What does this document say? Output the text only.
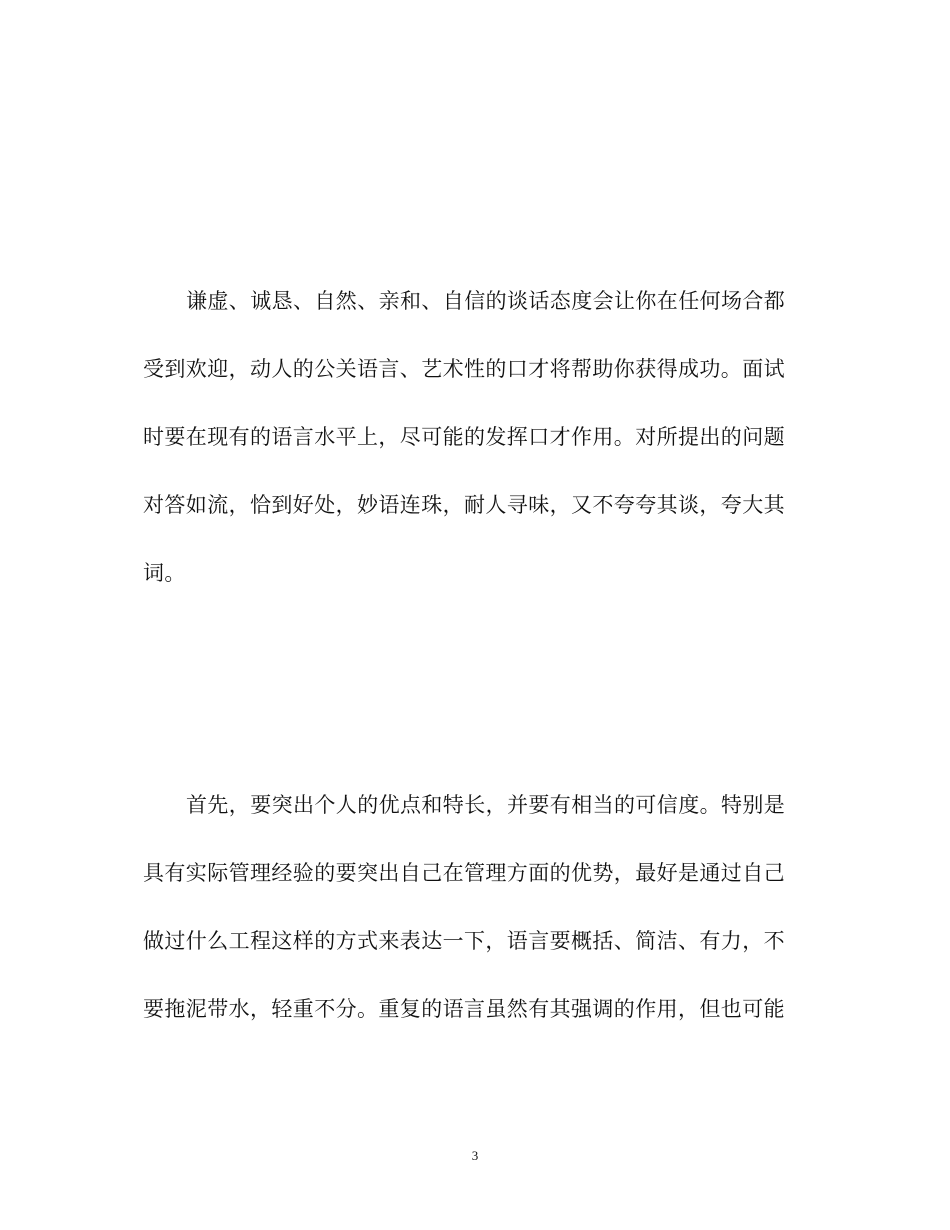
谦虚、诚恳、自然、亲和、自信的谈话态度会让你在任何场合都
受到欢迎，动人的公关语言、艺术性的口才将帮助你获得成功。面试
时要在现有的语言水平上，尽可能的发挥口才作用。对所提出的问题
对答如流，恰到好处，妙语连珠，耐人寻味，又不夸夸其谈，夸大其
词。
首先，要突出个人的优点和特长，并要有相当的可信度。特别是
具有实际管理经验的要突出自己在管理方面的优势，最好是通过自己
做过什么工程这样的方式来表达一下，语言要概括、简洁、有力，不
要拖泥带水，轻重不分。重复的语言虽然有其强调的作用，但也可能
3
